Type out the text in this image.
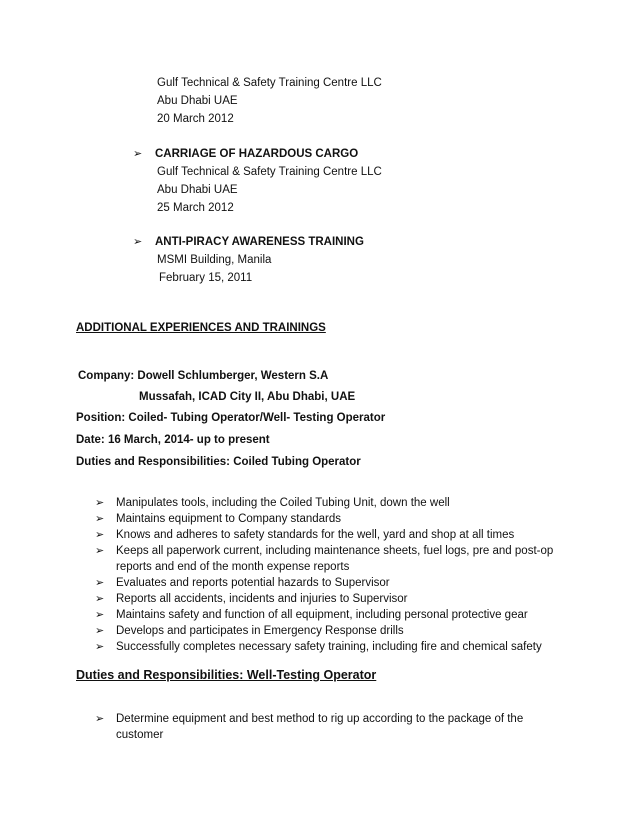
Gulf Technical & Safety Training Centre LLC
Abu Dhabi UAE
20 March 2012
➢ CARRIAGE OF HAZARDOUS CARGO
Gulf Technical & Safety Training Centre LLC
Abu Dhabi UAE
25 March 2012
➢ ANTI-PIRACY AWARENESS TRAINING
MSMI Building, Manila
February 15, 2011
ADDITIONAL EXPERIENCES AND TRAININGS
Company: Dowell Schlumberger, Western S.A
Mussafah, ICAD City II, Abu Dhabi, UAE
Position: Coiled- Tubing Operator/Well- Testing Operator
Date: 16 March, 2014- up to present
Duties and Responsibilities: Coiled Tubing Operator
➢	Manipulates tools, including the Coiled Tubing Unit, down the well
➢	Maintains equipment to Company standards
➢	Knows and adheres to safety standards for the well, yard and shop at all times
➢	Keeps all paperwork current, including maintenance sheets, fuel logs, pre and post-op
reports and end of the month expense reports
➢	Evaluates and reports potential hazards to Supervisor
➢	Reports all accidents, incidents and injuries to Supervisor
➢	Maintains safety and function of all equipment, including personal protective gear
➢	Develops and participates in Emergency Response drills
➢	Successfully completes necessary safety training, including fire and chemical safety
Duties and Responsibilities: Well-Testing Operator
➢	Determine equipment and best method to rig up according to the package of the
customer
